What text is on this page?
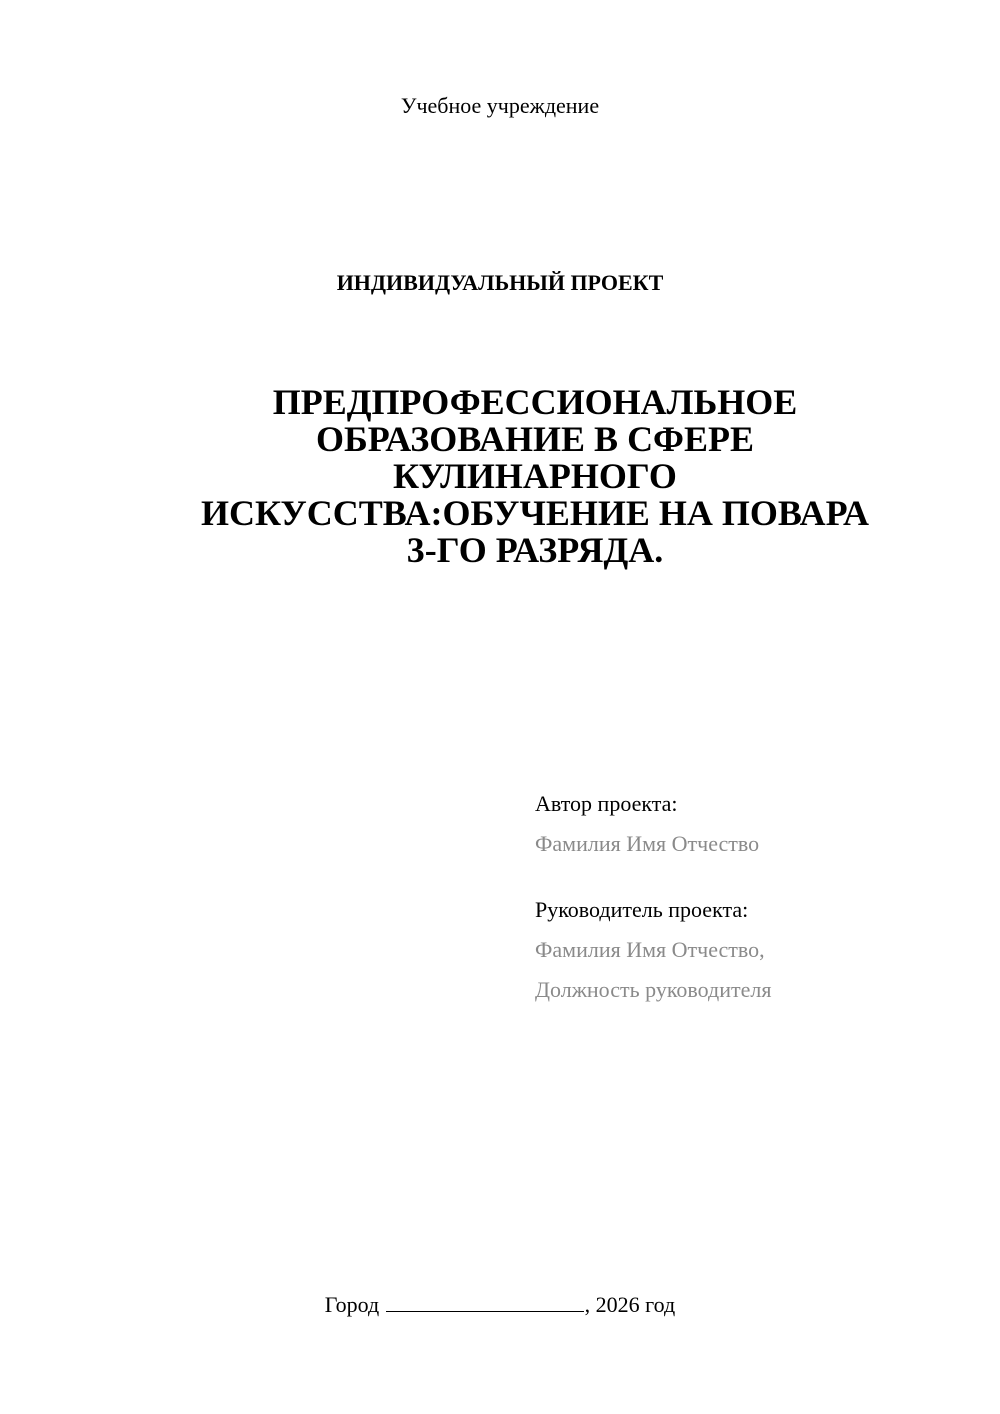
Учебное учреждение
ИНДИВИДУАЛЬНЫЙ ПРОЕКТ
ПРЕДПРОФЕССИОНАЛЬНОЕ
ОБРАЗОВАНИЕ В СФЕРЕ
КУЛИНАРНОГО
ИСКУССТВА:ОБУЧЕНИЕ НА ПОВАРА
3-ГО РАЗРЯДА.
Автор проекта:
Фамилия Имя Отчество
Руководитель проекта:
Фамилия Имя Отчество,
Должность руководителя
Город	, 2026 год
